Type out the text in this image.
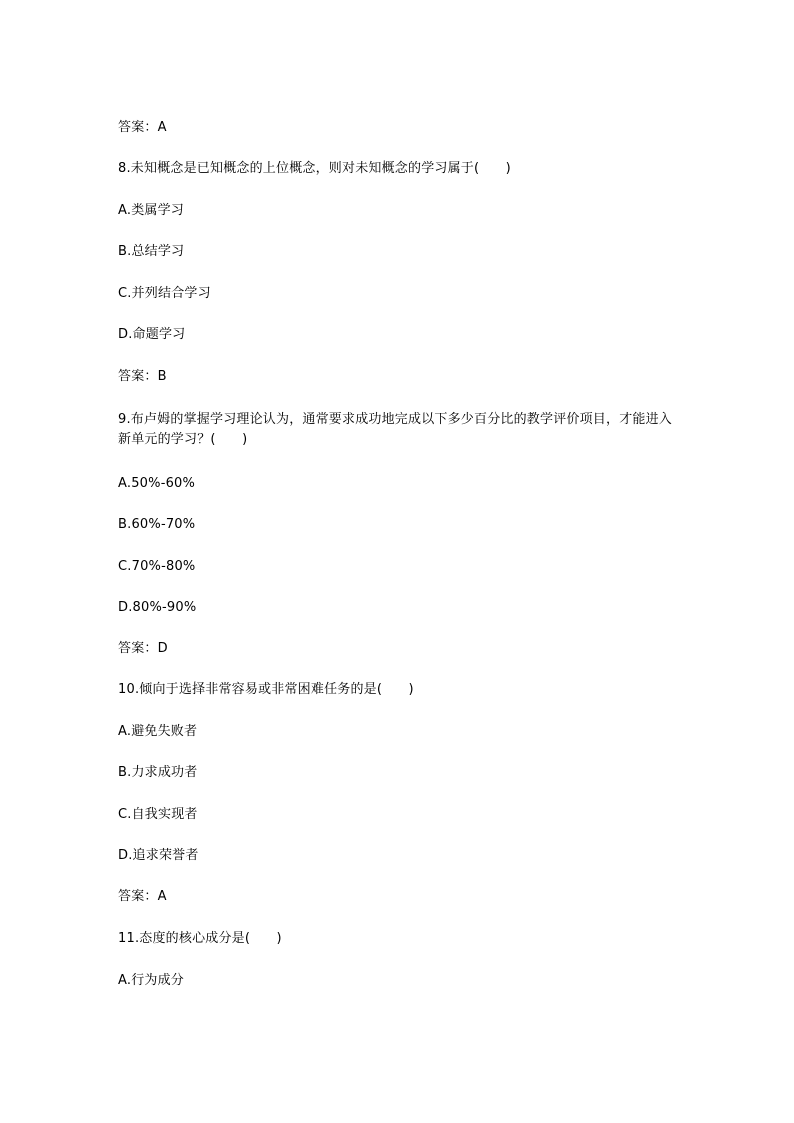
答案：A
8.未知概念是已知概念的上位概念，则对未知概念的学习属于(　　)
A.类属学习
B.总结学习
C.并列结合学习
D.命题学习
答案：B
9.布卢姆的掌握学习理论认为，通常要求成功地完成以下多少百分比的教学评价项目，才能进入新单元的学习？(　　)
A.50%-60%
B.60%-70%
C.70%-80%
D.80%-90%
答案：D
10.倾向于选择非常容易或非常困难任务的是(　　)
A.避免失败者
B.力求成功者
C.自我实现者
D.追求荣誉者
答案：A
11.态度的核心成分是(　　)
A.行为成分
